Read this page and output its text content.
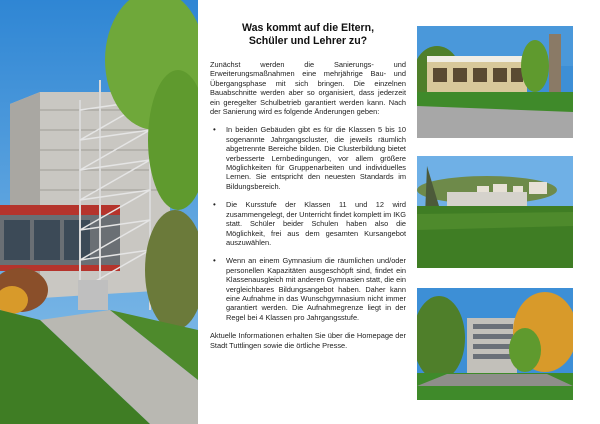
Was kommt auf die Eltern,
Schüler und Lehrer zu?

Zunächst werden die Sanierungs- und Erweiterungsmaßnahmen eine mehrjährige Bau- und Übergangsphase mit sich bringen. Die einzelnen Bauabschnitte werden aber so organisiert, dass jederzeit ein geregelter Schulbetrieb garantiert werden kann. Nach der Sanierung wird es folgende Änderungen geben:

• In beiden Gebäuden gibt es für die Klassen 5 bis 10 sogenannte Jahrgangscluster, die jeweils räumlich abgetrennte Bereiche bilden. Die Clusterbildung bietet verbesserte Lernbedingungen, vor allem größere Möglichkeiten für Gruppenarbeiten und individuelles Lernen. Sie entspricht den neuesten Standards im Bildungsbereich.
• Die Kursstufe der Klassen 11 und 12 wird zusammengelegt, der Unterricht findet komplett im IKG statt. Schüler beider Schulen haben also die Möglichkeit, frei aus dem gesamten Kursangebot auszuwählen.
• Wenn an einem Gymnasium die räumlichen und/oder personellen Kapazitäten ausgeschöpft sind, findet ein Klassenausgleich mit anderen Gymnasien statt, die ein vergleichbares Bildungsangebot haben. Daher kann eine Aufnahme in das Wunschgymnasium nicht immer garantiert werden. Die Aufnahmegrenze liegt in der Regel bei 4 Klassen pro Jahrgangsstufe.

Aktuelle Informationen erhalten Sie über die Homepage der Stadt Tuttlingen sowie die örtliche Presse.
